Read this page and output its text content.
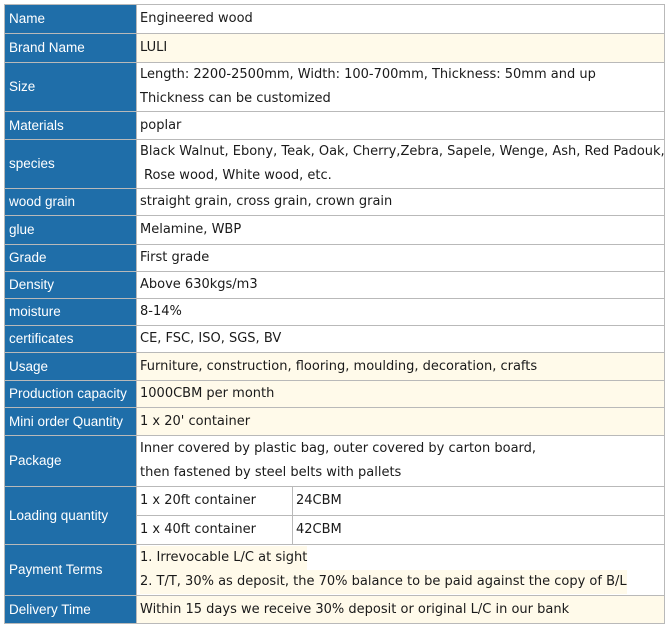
Name	Engineered wood	

Brand Name	LULI	

Size	Length: 2200-2500mm, Width: 100-700mm, Thickness: 50mm and up
Thickness can be customized	

Materials	poplar	

species	Black Walnut, Ebony, Teak, Oak, Cherry,Zebra, Sapele, Wenge, Ash, Red Padouk,
Rose wood, White wood, etc.	

wood grain	straight grain, cross grain, crown grain	

glue	Melamine, WBP	

Grade	First grade	

Density	Above 630kgs/m3	

moisture	8-14%	

certificates	CE, FSC, ISO, SGS, BV	

Usage	Furniture, construction, flooring, moulding, decoration, crafts	

Production capacity	1000CBM per month	

Mini order Quantity	1 x 20' container	

Package	Inner covered by plastic bag, outer covered by carton board,
then fastened by steel belts with pallets	

Loading quantity	1 x 20ft container	24CBM
	1 x 40ft container	42CBM
Payment Terms	1. Irrevocable L/C at sight
2. T/T, 30% as deposit, the 70% balance to be paid against the copy of B/L	

Delivery Time	Within 15 days we receive 30% deposit or original L/C in our bank	
